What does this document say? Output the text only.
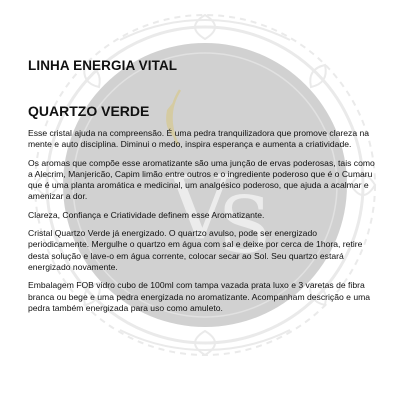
V
S
LINHA ENERGIA VITAL
QUARTZO VERDE

Esse cristal ajuda na compreensão. É uma pedra tranquilizadora que promove clareza na mente e auto disciplina. Diminui o medo, inspira esperança e aumenta a criatividade.

Os aromas que compõe esse aromatizante são uma junção de ervas poderosas, tais como a Alecrim, Manjericão, Capim limão entre outros e o ingrediente poderoso que é o Cumaru que é uma planta aromática e medicinal, um analgésico poderoso, que ajuda a acalmar e amenizar a dor.

Clareza, Confiança e Criatividade definem esse Aromatizante.

Cristal Quartzo Verde já energizado. O quartzo avulso, pode ser energizado periodicamente. Mergulhe o quartzo em água com sal e deixe por cerca de 1hora, retire desta solução e lave-o em água corrente, colocar secar ao Sol. Seu quartzo estará energizado novamente.

Embalagem FOB vidro cubo de 100ml com tampa vazada prata luxo e 3 varetas de fibra branca ou bege e uma pedra energizada no aromatizante. Acompanham descrição e uma pedra também energizada para uso como amuleto.
